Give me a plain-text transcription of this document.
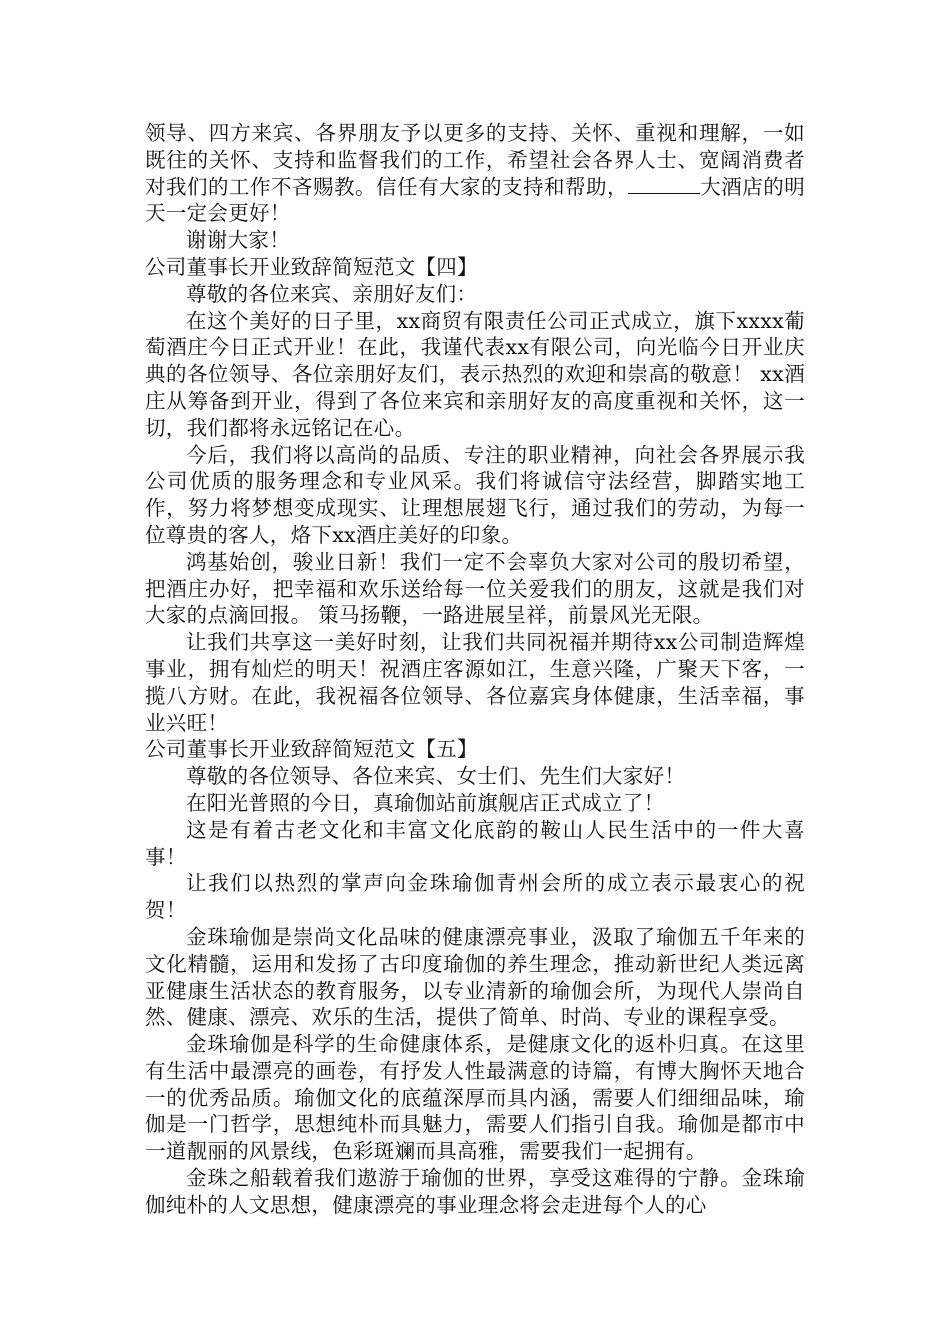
领导、四方来宾、各界朋友予以更多的支持、关怀、重视和理解，一如既往的关怀、支持和监督我们的工作，希望社会各界人士、宽阔消费者对我们的工作不吝赐教。信任有大家的支持和帮助，	大酒店的明天一定会更好！

谢谢大家！

公司董事长开业致辞简短范文【四】

尊敬的各位来宾、亲朋好友们：

在这个美好的日子里，xx商贸有限责任公司正式成立，旗下xxxx葡萄酒庄今日正式开业！在此，我谨代表xx有限公司，向光临今日开业庆典的各位领导、各位亲朋好友们，表示热烈的欢迎和崇高的敬意！ xx酒庄从筹备到开业，得到了各位来宾和亲朋好友的高度重视和关怀，这一切，我们都将永远铭记在心。

今后，我们将以高尚的品质、专注的职业精神，向社会各界展示我公司优质的服务理念和专业风采。我们将诚信守法经营，脚踏实地工作，努力将梦想变成现实、让理想展翅飞行，通过我们的劳动，为每一位尊贵的客人，烙下xx酒庄美好的印象。

鸿基始创，骏业日新！我们一定不会辜负大家对公司的殷切希望，把酒庄办好，把幸福和欢乐送给每一位关爱我们的朋友，这就是我们对大家的点滴回报。 策马扬鞭，一路进展呈祥，前景风光无限。

让我们共享这一美好时刻，让我们共同祝福并期待xx公司制造辉煌事业，拥有灿烂的明天！祝酒庄客源如江，生意兴隆，广聚天下客，一揽八方财。在此，我祝福各位领导、各位嘉宾身体健康，生活幸福，事业兴旺！

公司董事长开业致辞简短范文【五】

尊敬的各位领导、各位来宾、女士们、先生们大家好！

在阳光普照的今日，真瑜伽站前旗舰店正式成立了！

这是有着古老文化和丰富文化底韵的鞍山人民生活中的一件大喜事！

让我们以热烈的掌声向金珠瑜伽青州会所的成立表示最衷心的祝贺！

金珠瑜伽是崇尚文化品味的健康漂亮事业，汲取了瑜伽五千年来的文化精髓，运用和发扬了古印度瑜伽的养生理念，推动新世纪人类远离亚健康生活状态的教育服务，以专业清新的瑜伽会所，为现代人崇尚自然、健康、漂亮、欢乐的生活，提供了简单、时尚、专业的课程享受。

金珠瑜伽是科学的生命健康体系，是健康文化的返朴归真。在这里有生活中最漂亮的画卷，有抒发人性最满意的诗篇，有博大胸怀天地合一的优秀品质。瑜伽文化的底蕴深厚而具内涵，需要人们细细品味，瑜伽是一门哲学，思想纯朴而具魅力，需要人们指引自我。瑜伽是都市中一道靓丽的风景线，色彩斑斓而具高雅，需要我们一起拥有。

金珠之船载着我们遨游于瑜伽的世界，享受这难得的宁静。金珠瑜伽纯朴的人文思想，健康漂亮的事业理念将会走进每个人的心
